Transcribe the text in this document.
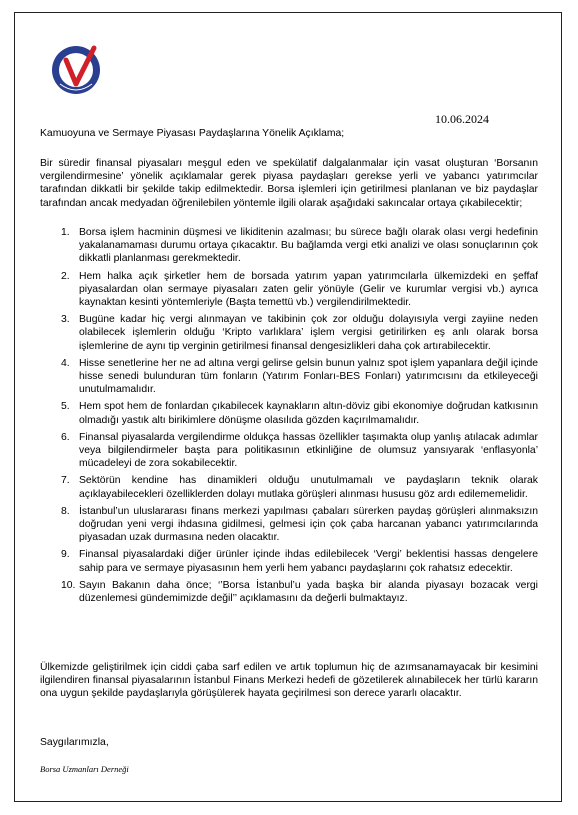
10.06.2024
Kamuoyuna ve Sermaye Piyasası Paydaşlarına Yönelik Açıklama;
Bir süredir finansal piyasaları meşgul eden ve spekülatif dalgalanmalar için vasat oluşturan ‘Borsanın vergilendirmesine’ yönelik açıklamalar gerek piyasa paydaşları gerekse yerli ve yabancı yatırımcılar tarafından dikkatli bir şekilde takip edilmektedir. Borsa işlemleri için getirilmesi planlanan ve biz paydaşlar tarafından ancak medyadan öğrenilebilen yöntemle ilgili olarak aşağıdaki sakıncalar ortaya çıkabilecektir;
1. Borsa işlem hacminin düşmesi ve likiditenin azalması; bu sürece bağlı olarak olası vergi hedefinin yakalanamaması durumu ortaya çıkacaktır. Bu bağlamda vergi etki analizi ve olası sonuçlarının çok dikkatli planlanması gerekmektedir.
2. Hem halka açık şirketler hem de borsada yatırım yapan yatırımcılarla ülkemizdeki en şeffaf piyasalardan olan sermaye piyasaları zaten gelir yönüyle (Gelir ve kurumlar vergisi vb.) ayrıca kaynaktan kesinti yöntemleriyle (Başta temettü vb.) vergilendirilmektedir.
3. Bugüne kadar hiç vergi alınmayan ve takibinin çok zor olduğu dolayısıyla vergi zayiine neden olabilecek işlemlerin olduğu ‘Kripto varlıklara’ işlem vergisi getirilirken eş anlı olarak borsa işlemlerine de aynı tip verginin getirilmesi finansal dengesizlikleri daha çok artırabilecektir.
4. Hisse senetlerine her ne ad altına vergi gelirse gelsin bunun yalnız spot işlem yapanlara değil içinde hisse senedi bulunduran tüm fonların (Yatırım Fonları-BES Fonları) yatırımcısını da etkileyeceği unutulmamalıdır.
5. Hem spot hem de fonlardan çıkabilecek kaynakların altın-döviz gibi ekonomiye doğrudan katkısının olmadığı yastık altı birikimlere dönüşme olasılıda gözden kaçırılmamalıdır.
6. Finansal piyasalarda vergilendirme oldukça hassas özellikler taşımakta olup yanlış atılacak adımlar veya bilgilendirmeler başta para politikasının etkinliğine de olumsuz yansıyarak ‘enflasyonla’ mücadeleyi de zora sokabilecektir.
7. Sektörün kendine has dinamikleri olduğu unutulmamalı ve paydaşların teknik olarak açıklayabilecekleri özelliklerden dolayı mutlaka görüşleri alınması hususu göz ardı edilememelidir.
8. İstanbul’un uluslararası finans merkezi yapılması çabaları sürerken paydaş görüşleri alınmaksızın doğrudan yeni vergi ihdasına gidilmesi, gelmesi için çok çaba harcanan yabancı yatırımcılarında piyasadan uzak durmasına neden olacaktır.
9. Finansal piyasalardaki diğer ürünler içinde ihdas edilebilecek ‘Vergi’ beklentisi hassas dengelere sahip para ve sermaye piyasasının hem yerli hem yabancı paydaşlarını çok rahatsız edecektir.
10. Sayın Bakanın daha önce; ‘’Borsa İstanbul’u yada başka bir alanda piyasayı bozacak vergi düzenlemesi gündemimizde değil’’ açıklamasını da değerli bulmaktayız.
Ülkemizde geliştirilmek için ciddi çaba sarf edilen ve artık toplumun hiç de azımsanamayacak bir kesimini ilgilendiren finansal piyasalarının İstanbul Finans Merkezi hedefi de gözetilerek alınabilecek her türlü kararın ona uygun şekilde paydaşlarıyla görüşülerek hayata geçirilmesi son derece yararlı olacaktır.
Saygılarımızla,
Borsa Uzmanları Derneği
